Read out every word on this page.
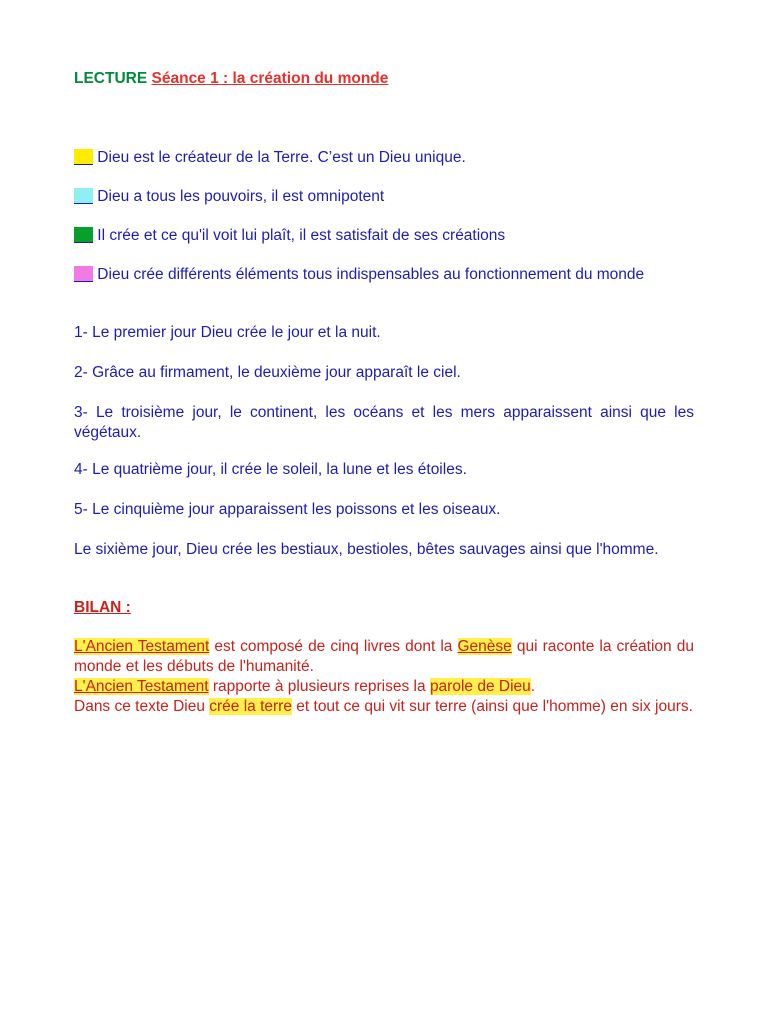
LECTURE Séance 1 : la création du monde
Dieu est le créateur de la Terre. C’est un Dieu unique.
Dieu a tous les pouvoirs, il est omnipotent
Il crée et ce qu'il voit lui plaît, il est satisfait de ses créations
Dieu crée différents éléments tous indispensables au fonctionnement du monde
1- Le premier jour Dieu crée le jour et la nuit.
2- Grâce au firmament, le deuxième jour apparaît le ciel.
3- Le troisième jour, le continent, les océans et les mers apparaissent ainsi que les végétaux.
4- Le quatrième jour, il crée le soleil, la lune et les étoiles.
5- Le cinquième jour apparaissent les poissons et les oiseaux.
Le sixième jour, Dieu crée les bestiaux, bestioles, bêtes sauvages ainsi que l'homme.
BILAN :
L'Ancien Testament est composé de cinq livres dont la Genèse qui raconte la création du monde et les débuts de l'humanité.
L'Ancien Testament rapporte à plusieurs reprises la parole de Dieu.
Dans ce texte Dieu crée la terre et tout ce qui vit sur terre (ainsi que l'homme) en six jours.
